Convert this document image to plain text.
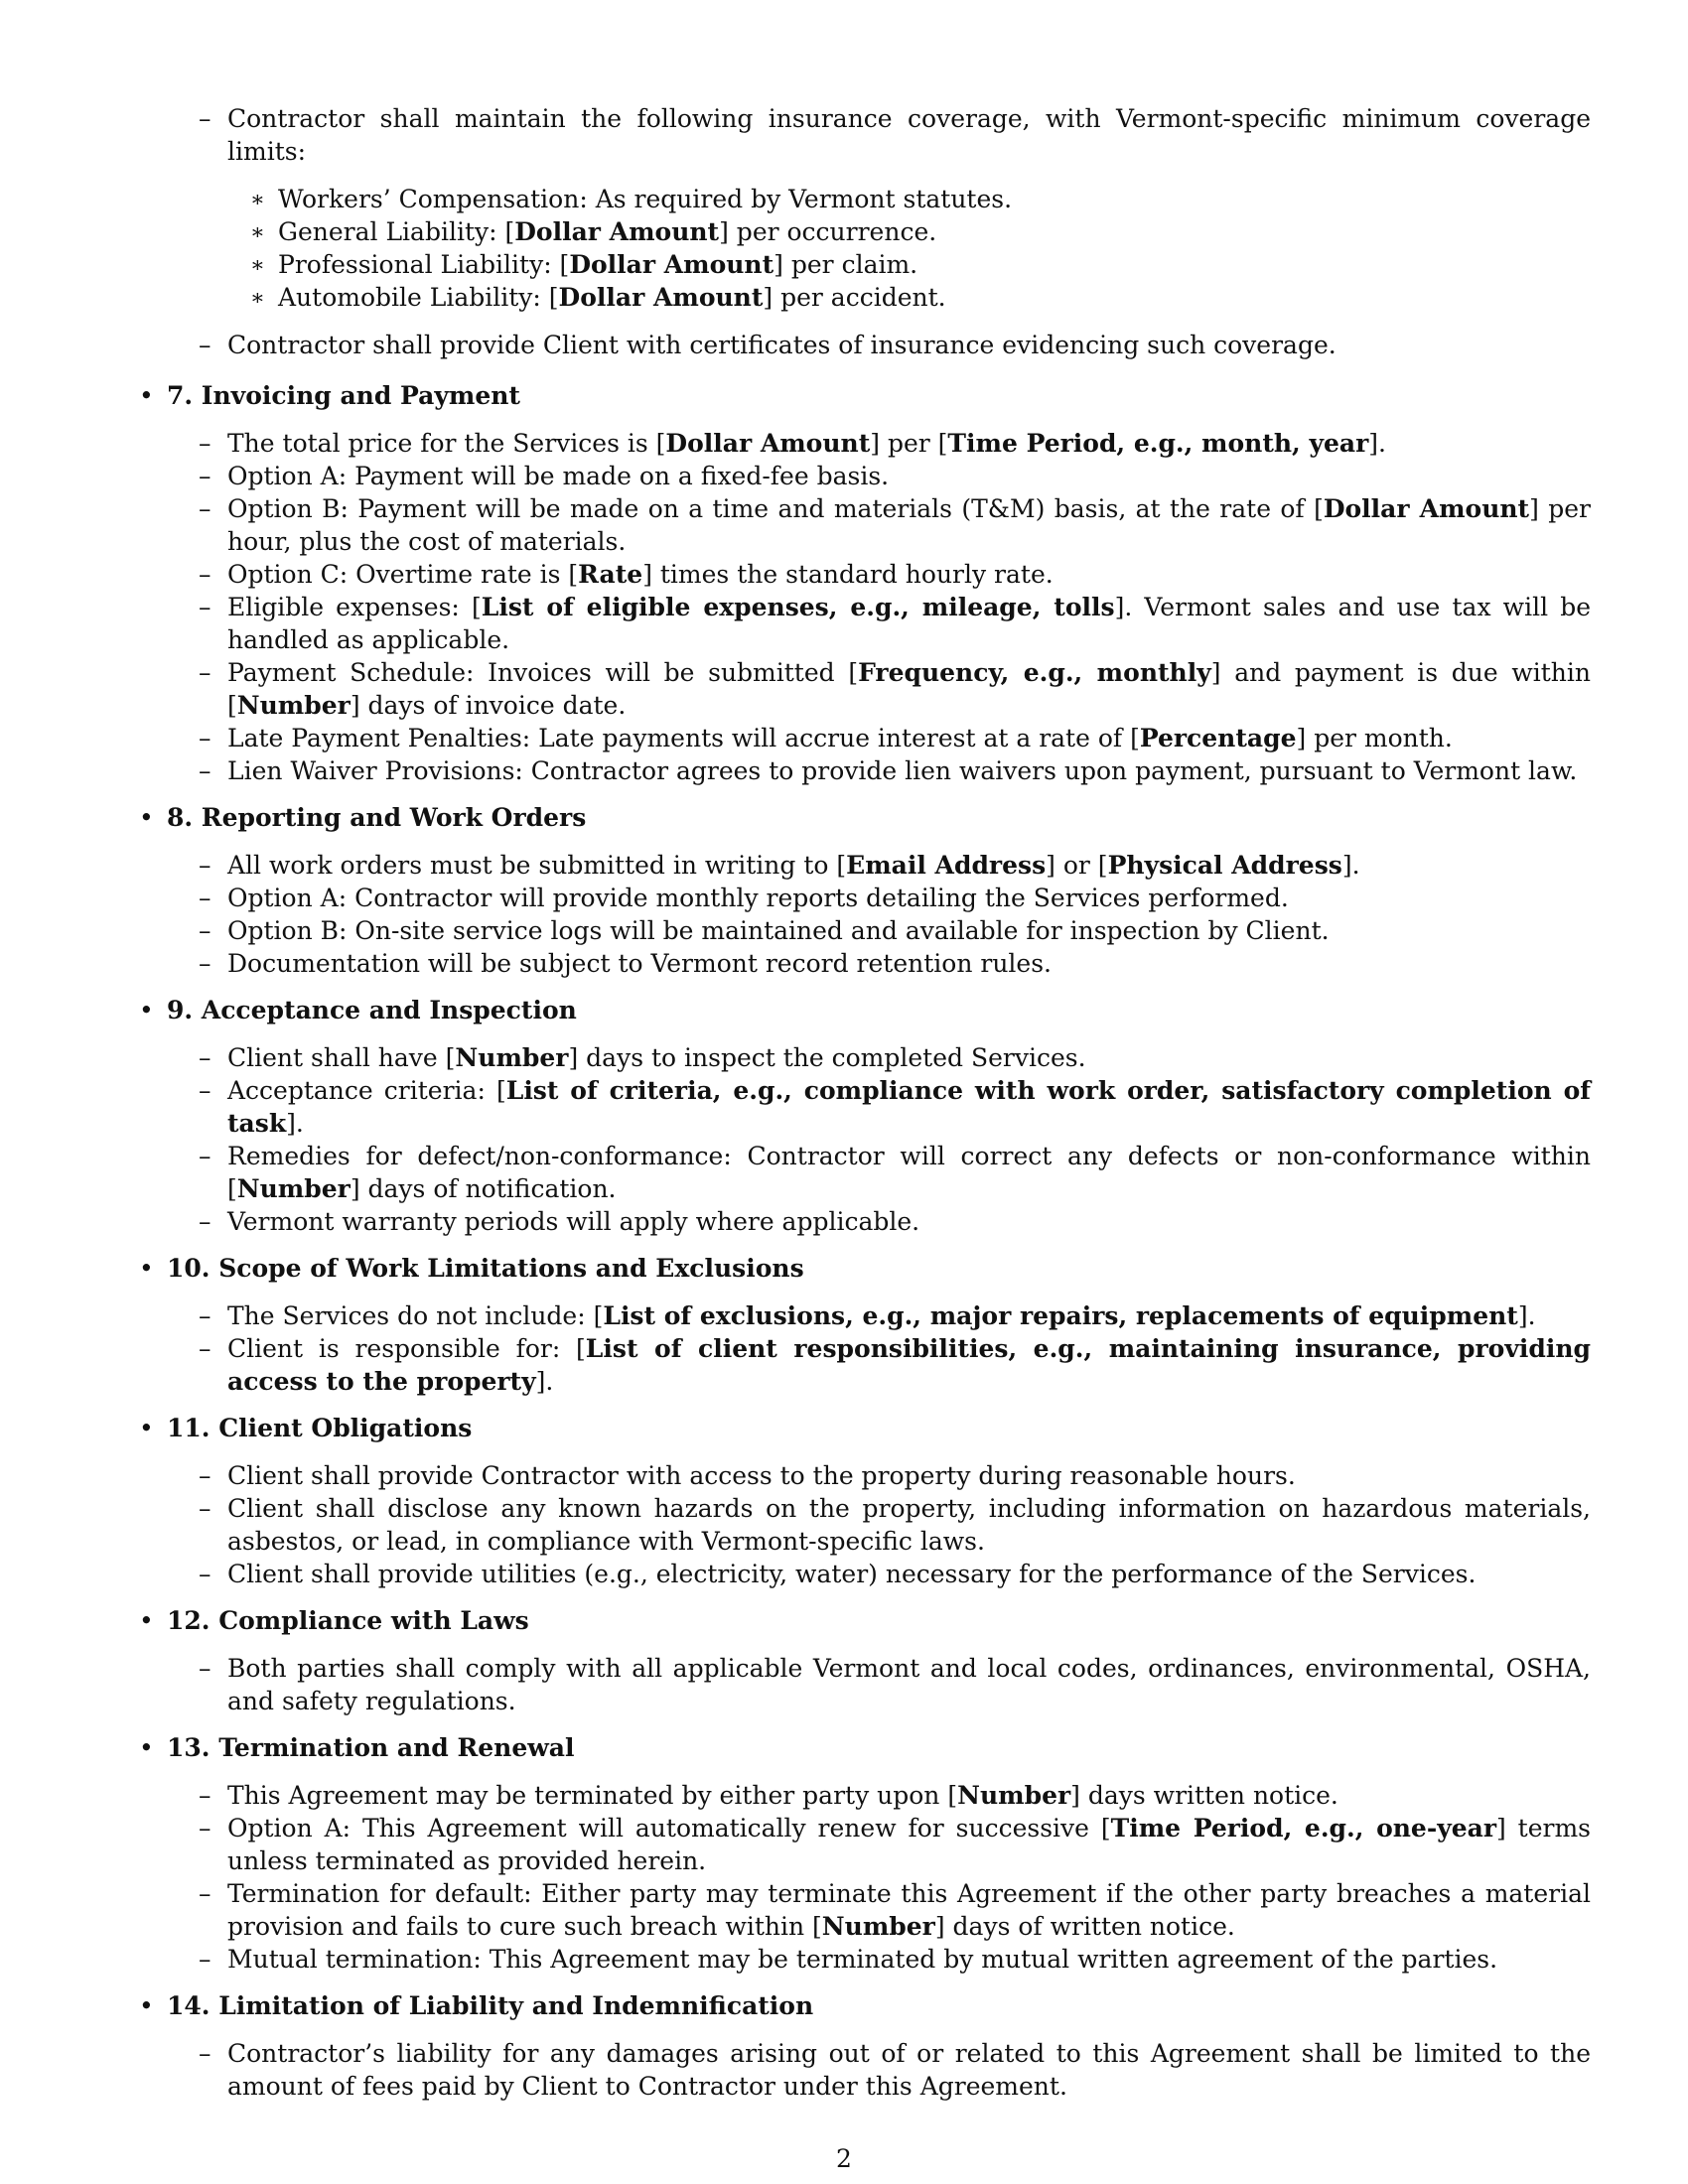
– Contractor shall maintain the following insurance coverage, with Vermont-specific minimum coverage limits:
∗ Workers’ Compensation: As required by Vermont statutes.
∗ General Liability: [Dollar Amount] per occurrence.
∗ Professional Liability: [Dollar Amount] per claim.
∗ Automobile Liability: [Dollar Amount] per accident.
– Contractor shall provide Client with certificates of insurance evidencing such coverage.
• 7. Invoicing and Payment
– The total price for the Services is [Dollar Amount] per [Time Period, e.g., month, year].
– Option A: Payment will be made on a fixed-fee basis.
– Option B: Payment will be made on a time and materials (T&M) basis, at the rate of [Dollar Amount] per hour, plus the cost of materials.
– Option C: Overtime rate is [Rate] times the standard hourly rate.
– Eligible expenses: [List of eligible expenses, e.g., mileage, tolls]. Vermont sales and use tax will be handled as applicable.
– Payment Schedule: Invoices will be submitted [Frequency, e.g., monthly] and payment is due within [Number] days of invoice date.
– Late Payment Penalties: Late payments will accrue interest at a rate of [Percentage] per month.
– Lien Waiver Provisions: Contractor agrees to provide lien waivers upon payment, pursuant to Vermont law.
• 8. Reporting and Work Orders
– All work orders must be submitted in writing to [Email Address] or [Physical Address].
– Option A: Contractor will provide monthly reports detailing the Services performed.
– Option B: On-site service logs will be maintained and available for inspection by Client.
– Documentation will be subject to Vermont record retention rules.
• 9. Acceptance and Inspection
– Client shall have [Number] days to inspect the completed Services.
– Acceptance criteria: [List of criteria, e.g., compliance with work order, satisfactory completion of task].
– Remedies for defect/non-conformance: Contractor will correct any defects or non-conformance within [Number] days of notification.
– Vermont warranty periods will apply where applicable.
• 10. Scope of Work Limitations and Exclusions
– The Services do not include: [List of exclusions, e.g., major repairs, replacements of equipment].
– Client is responsible for: [List of client responsibilities, e.g., maintaining insurance, providing access to the property].
• 11. Client Obligations
– Client shall provide Contractor with access to the property during reasonable hours.
– Client shall disclose any known hazards on the property, including information on hazardous materials, asbestos, or lead, in compliance with Vermont-specific laws.
– Client shall provide utilities (e.g., electricity, water) necessary for the performance of the Services.
• 12. Compliance with Laws
– Both parties shall comply with all applicable Vermont and local codes, ordinances, environmental, OSHA, and safety regulations.
• 13. Termination and Renewal
– This Agreement may be terminated by either party upon [Number] days written notice.
– Option A: This Agreement will automatically renew for successive [Time Period, e.g., one-year] terms unless terminated as provided herein.
– Termination for default: Either party may terminate this Agreement if the other party breaches a material provision and fails to cure such breach within [Number] days of written notice.
– Mutual termination: This Agreement may be terminated by mutual written agreement of the parties.
• 14. Limitation of Liability and Indemnification
– Contractor’s liability for any damages arising out of or related to this Agreement shall be limited to the amount of fees paid by Client to Contractor under this Agreement.
2
